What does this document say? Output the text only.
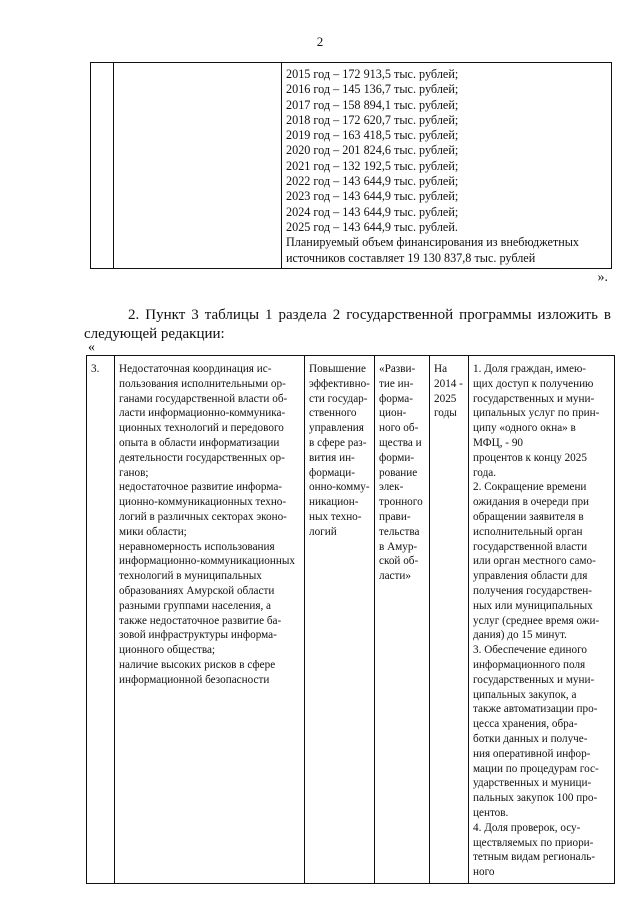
2

2015 год – 172 913,5 тыс. рублей;
2016 год – 145 136,7 тыс. рублей;
2017 год – 158 894,1 тыс. рублей;
2018 год – 172 620,7 тыс. рублей;
2019 год – 163 418,5 тыс. рублей;
2020 год – 201 824,6 тыс. рублей;
2021 год – 132 192,5 тыс. рублей;
2022 год – 143 644,9 тыс. рублей;
2023 год – 143 644,9 тыс. рублей;
2024 год – 143 644,9 тыс. рублей;
2025 год – 143 644,9 тыс. рублей.
Планируемый объем финансирования из внебюджетных
источников составляет 19 130 837,8 тыс. рублей
».
2. Пункт 3 таблицы 1 раздела 2 государственной программы изложить в
следующей редакции:
«
3.	Недостаточная координация ис-
пользования исполнительными ор-
ганами государственной власти об-
ласти информационно-коммуника-
ционных технологий и передового
опыта в области информатизации
деятельности государственных ор-
ганов;
недостаточное развитие информа-
ционно-коммуникационных техно-
логий в различных секторах эконо-
мики области;
неравномерность использования
информационно-коммуникационных
технологий в муниципальных
образованиях Амурской области
разными группами населения, а
также недостаточное развитие ба-
зовой инфраструктуры информа-
ционного общества;
наличие высоких рисков в сфере
информационной безопасности

Повышение
эффективно-
сти государ-
ственного
управления
в сфере раз-
вития ин-
формаци-
онно-комму-
никацион-
ных техно-
логий

«Разви-
тие ин-
форма-
цион-
ного об-
щества и
форми-
рование
элек-
тронного
прави-
тельства
в Амур-
ской об-
ласти»

На
2014 -
2025
годы

1. Доля граждан, имею-
щих доступ к получению
государственных и муни-
ципальных услуг по прин-
ципу «одного окна» в
МФЦ, - 90
процентов к концу 2025
года.
2. Сокращение времени
ожидания в очереди при
обращении заявителя в
исполнительный орган
государственной власти
или орган местного само-
управления области для
получения государствен-
ных или муниципальных
услуг (среднее время ожи-
дания) до 15 минут.
3. Обеспечение единого
информационного поля
государственных и муни-
ципальных закупок, а
также автоматизации про-
цесса хранения, обра-
ботки данных и получе-
ния оперативной инфор-
мации по процедурам гос-
ударственных и муници-
пальных закупок 100 про-
центов.
4. Доля проверок, осу-
ществляемых по приори-
тетным видам региональ-
ного
